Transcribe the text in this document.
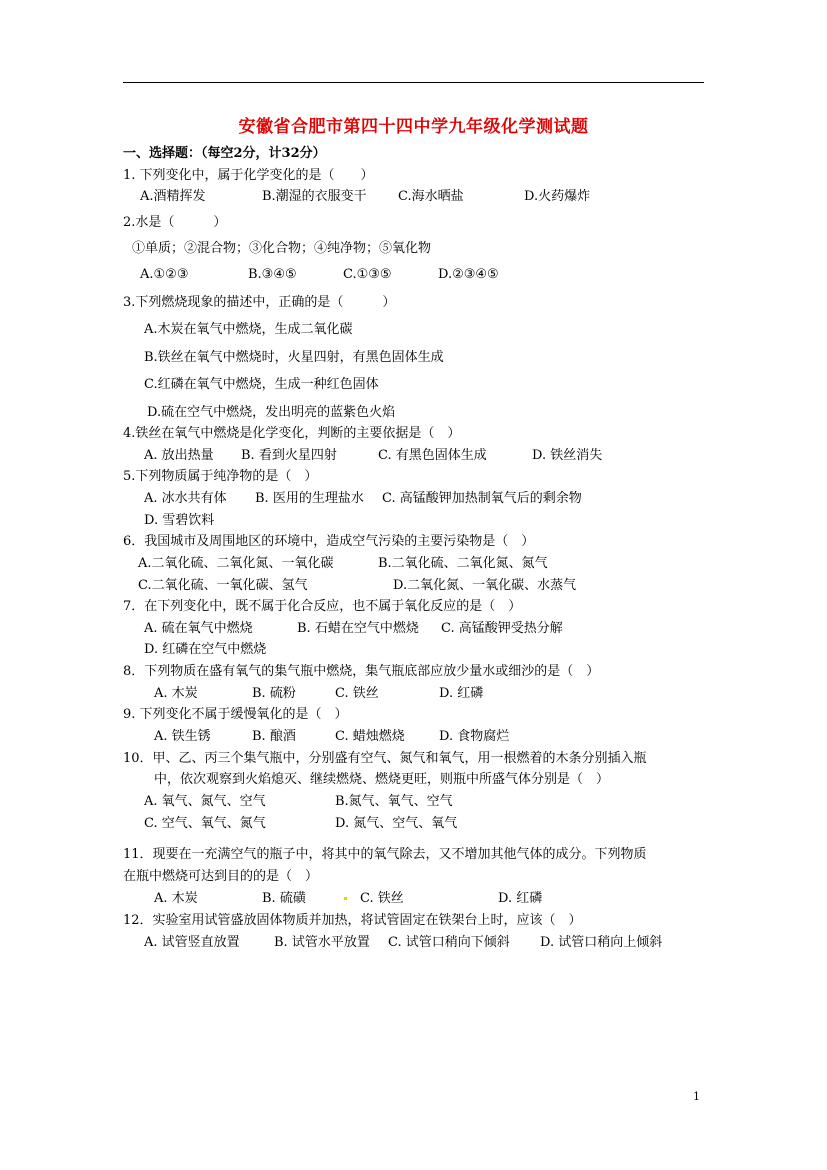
安徽省合肥市第四十四中学九年级化学测试题
一、选择题：（每空2分，计32分）
1. 下列变化中，属于化学变化的是（　　）
A.酒精挥发	B.潮湿的衣服变干 C.海水晒盐	D.火药爆炸
2.水是（　　　）
①单质；②混合物；③化合物；④纯净物；⑤氧化物
A.①②③	B.③④⑤	C.①③⑤	D.②③④⑤
3.下列燃烧现象的描述中，正确的是（　　　）
A.木炭在氧气中燃烧，生成二氧化碳
B.铁丝在氧气中燃烧时，火星四射，有黑色固体生成
C.红磷在氧气中燃烧，生成一种红色固体
D.硫在空气中燃烧，发出明亮的蓝紫色火焰
4.铁丝在氧气中燃烧是化学变化，判断的主要依据是（　）
A. 放出热量 B. 看到火星四射	C. 有黑色固体生成	D. 铁丝消失
5.下列物质属于纯净物的是（　）
A. 冰水共有体 B. 医用的生理盐水 C. 高锰酸钾加热制氧气后的剩余物
D. 雪碧饮料
6．我国城市及周围地区的环境中，造成空气污染的主要污染物是（　）
A.二氧化硫、二氧化氮、一氧化碳	B.二氧化硫、二氧化氮、氮气
C.二氧化硫、一氧化碳、氢气	D.二氧化氮、一氧化碳、水蒸气
7．在下列变化中，既不属于化合反应，也不属于氧化反应的是（　）
A. 硫在氧气中燃烧	B. 石蜡在空气中燃烧 C. 高锰酸钾受热分解
D. 红磷在空气中燃烧
8．下列物质在盛有氧气的集气瓶中燃烧，集气瓶底部应放少量水或细沙的是（　）
A. 木炭	B. 硫粉	C. 铁丝	D. 红磷
9. 下列变化不属于缓慢氧化的是（　）
A. 铁生锈	B. 酿酒	C. 蜡烛燃烧	D. 食物腐烂
10．甲、乙、丙三个集气瓶中，分别盛有空气、氮气和氧气，用一根燃着的木条分别插入瓶
中，依次观察到火焰熄灭、继续燃烧、燃烧更旺，则瓶中所盛气体分别是（　）
A. 氧气、氮气、空气	B.氮气、氧气、空气
C. 空气、氧气、氮气	D. 氮气、空气、氧气
11．现要在一充满空气的瓶子中，将其中的氧气除去，又不增加其他气体的成分。下列物质
在瓶中燃烧可达到目的的是（　）
A. 木炭	B. 硫磺	C. 铁丝	D. 红磷
12．实验室用试管盛放固体物质并加热，将试管固定在铁架台上时，应该（　）
A. 试管竖直放置	B. 试管水平放置 C. 试管口稍向下倾斜 D. 试管口稍向上倾斜
1
